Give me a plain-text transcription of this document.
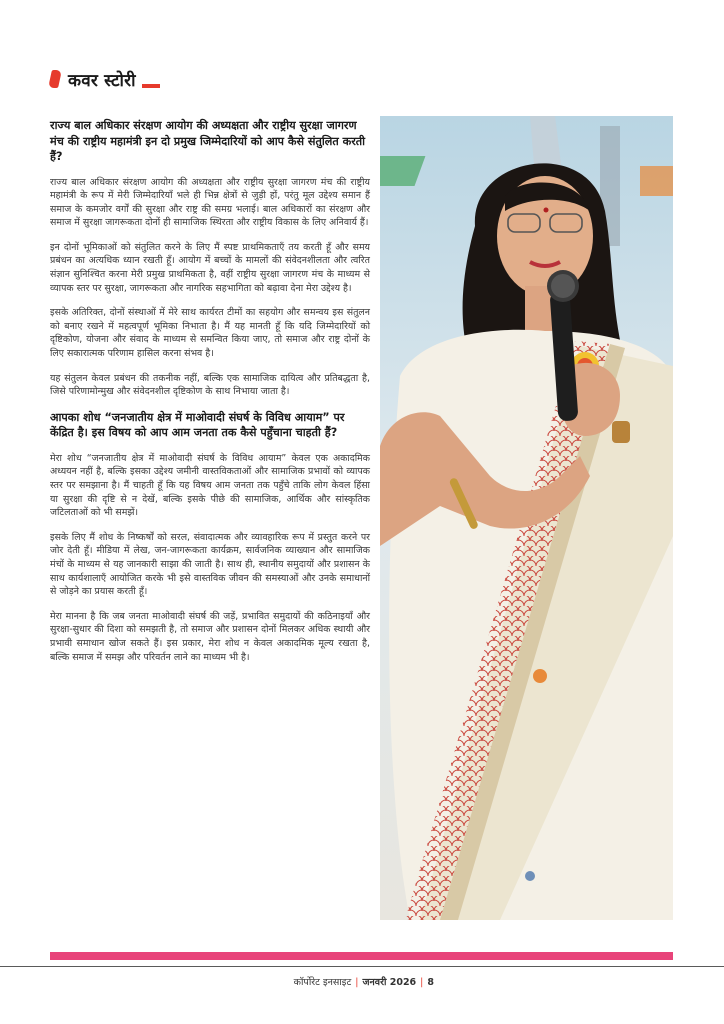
कवर स्टोरी

राज्य बाल अधिकार संरक्षण आयोग की अध्यक्षता और राष्ट्रीय सुरक्षा जागरण मंच की राष्ट्रीय महामंत्री इन दो प्रमुख जिम्मेदारियों को आप कैसे संतुलित करती हैं?

राज्य बाल अधिकार संरक्षण आयोग की अध्यक्षता और राष्ट्रीय सुरक्षा जागरण मंच की राष्ट्रीय महामंत्री के रूप में मेरी जिम्मेदारियाँ भले ही भिन्न क्षेत्रों से जुड़ी हों, परंतु मूल उद्देश्य समान हैं समाज के कमजोर वर्गों की सुरक्षा और राष्ट्र की समग्र भलाई। बाल अधिकारों का संरक्षण और समाज में सुरक्षा जागरूकता दोनों ही सामाजिक स्थिरता और राष्ट्रीय विकास के लिए अनिवार्य हैं।

इन दोनों भूमिकाओं को संतुलित करने के लिए मैं स्पष्ट प्राथमिकताएँ तय करती हूँ और समय प्रबंधन का अत्यधिक ध्यान रखती हूँ। आयोग में बच्चों के मामलों की संवेदनशीलता और त्वरित संज्ञान सुनिश्चित करना मेरी प्रमुख प्राथमिकता है, वहीं राष्ट्रीय सुरक्षा जागरण मंच के माध्यम से व्यापक स्तर पर सुरक्षा, जागरूकता और नागरिक सहभागिता को बढ़ावा देना मेरा उद्देश्य है।

इसके अतिरिक्त, दोनों संस्थाओं में मेरे साथ कार्यरत टीमों का सहयोग और समन्वय इस संतुलन को बनाए रखने में महत्वपूर्ण भूमिका निभाता है। मैं यह मानती हूँ कि यदि जिम्मेदारियों को दृष्टिकोण, योजना और संवाद के माध्यम से समन्वित किया जाए, तो समाज और राष्ट्र दोनों के लिए सकारात्मक परिणाम हासिल करना संभव है।

यह संतुलन केवल प्रबंधन की तकनीक नहीं, बल्कि एक सामाजिक दायित्व और प्रतिबद्धता है, जिसे परिणामोन्मुख और संवेदनशील दृष्टिकोण के साथ निभाया जाता है।

आपका शोध “जनजातीय क्षेत्र में माओवादी संघर्ष के विविध आयाम” पर केंद्रित है। इस विषय को आप आम जनता तक कैसे पहुँचाना चाहती हैं?

मेरा शोध “जनजातीय क्षेत्र में माओवादी संघर्ष के विविध आयाम” केवल एक अकादमिक अध्ययन नहीं है, बल्कि इसका उद्देश्य जमीनी वास्तविकताओं और सामाजिक प्रभावों को व्यापक स्तर पर समझाना है। मैं चाहती हूँ कि यह विषय आम जनता तक पहुँचे ताकि लोग केवल हिंसा या सुरक्षा की दृष्टि से न देखें, बल्कि इसके पीछे की सामाजिक, आर्थिक और सांस्कृतिक जटिलताओं को भी समझें।

इसके लिए मैं शोध के निष्कर्षों को सरल, संवादात्मक और व्यावहारिक रूप में प्रस्तुत करने पर जोर देती हूँ। मीडिया में लेख, जन-जागरूकता कार्यक्रम, सार्वजनिक व्याख्यान और सामाजिक मंचों के माध्यम से यह जानकारी साझा की जाती है। साथ ही, स्थानीय समुदायों और प्रशासन के साथ कार्यशालाएँ आयोजित करके भी इसे वास्तविक जीवन की समस्याओं और उनके समाधानों से जोड़ने का प्रयास करती हूँ।

मेरा मानना है कि जब जनता माओवादी संघर्ष की जड़ें, प्रभावित समुदायों की कठिनाइयाँ और सुरक्षा-सुधार की दिशा को समझती है, तो समाज और प्रशासन दोनों मिलकर अधिक स्थायी और प्रभावी समाधान खोज सकते हैं। इस प्रकार, मेरा शोध न केवल अकादमिक मूल्य रखता है, बल्कि समाज में समझ और परिवर्तन लाने का माध्यम भी है।

कॉर्पोरेट इनसाइट | जनवरी 2026 | 8
